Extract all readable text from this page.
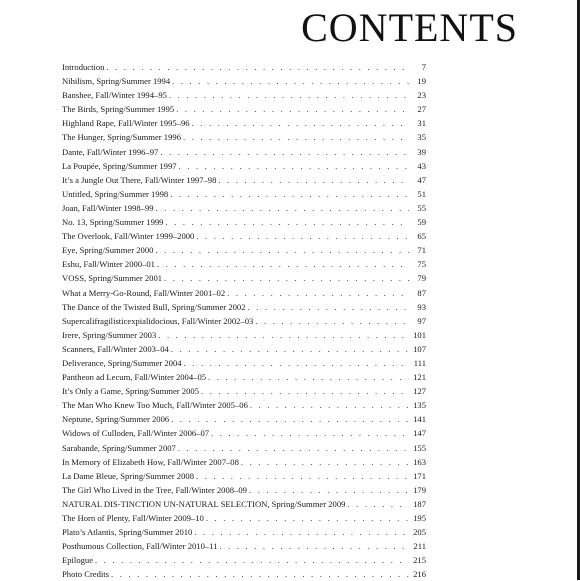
CONTENTS
Introduction . . .	7
Nihilism, Spring/Summer 1994 . . .	19
Banshee, Fall/Winter 1994–95 . . .	23
The Birds, Spring/Summer 1995 . . .	27
Highland Rape, Fall/Winter 1995–96 . . .	31
The Hunger, Spring/Summer 1996 . . .	35
Dante, Fall/Winter 1996–97 . . .	39
La Poupée, Spring/Summer 1997 . . .	43
It’s a Jungle Out There, Fall/Winter 1997–98 . . .	47
Untitled, Spring/Summer 1998 . . .	51
Joan, Fall/Winter 1998–99 . . .	55
No. 13, Spring/Summer 1999 . . .	59
The Overlook, Fall/Winter 1999–2000 . . .	65
Eye, Spring/Summer 2000 . . .	71
Eshu, Fall/Winter 2000–01 . . .	75
VOSS, Spring/Summer 2001 . . .	79
What a Merry-Go-Round, Fall/Winter 2001–02 . . .	87
The Dance of the Twisted Bull, Spring/Summer 2002 . . .	93
Supercalifragilisticexpialidocious, Fall/Winter 2002–03 . . .	97
Irere, Spring/Summer 2003 . . .	101
Scanners, Fall/Winter 2003–04 . . .	107
Deliverance, Spring/Summer 2004 . . .	111
Pantheon ad Lecum, Fall/Winter 2004–05 . . .	121
It’s Only a Game, Spring/Summer 2005 . . .	127
The Man Who Knew Too Much, Fall/Winter 2005–06 . . .	135
Neptune, Spring/Summer 2006 . . .	141
Widows of Culloden, Fall/Winter 2006–07 . . .	147
Sarabande, Spring/Summer 2007 . . .	155
In Memory of Elizabeth How, Fall/Winter 2007–08 . . .	163
La Dame Bleue, Spring/Summer 2008 . . .	171
The Girl Who Lived in the Tree, Fall/Winter 2008–09 . . .	179
NATURAL DIS-TINCTION UN-NATURAL SELECTION, Spring/Summer 2009 . . .	187
The Horn of Plenty, Fall/Winter 2009–10 . . .	195
Plato’s Atlantis, Spring/Summer 2010 . . .	205
Posthumous Collection, Fall/Winter 2010–11 . . .	211
Epilogue . . .	215
Photo Credits . . .	216
